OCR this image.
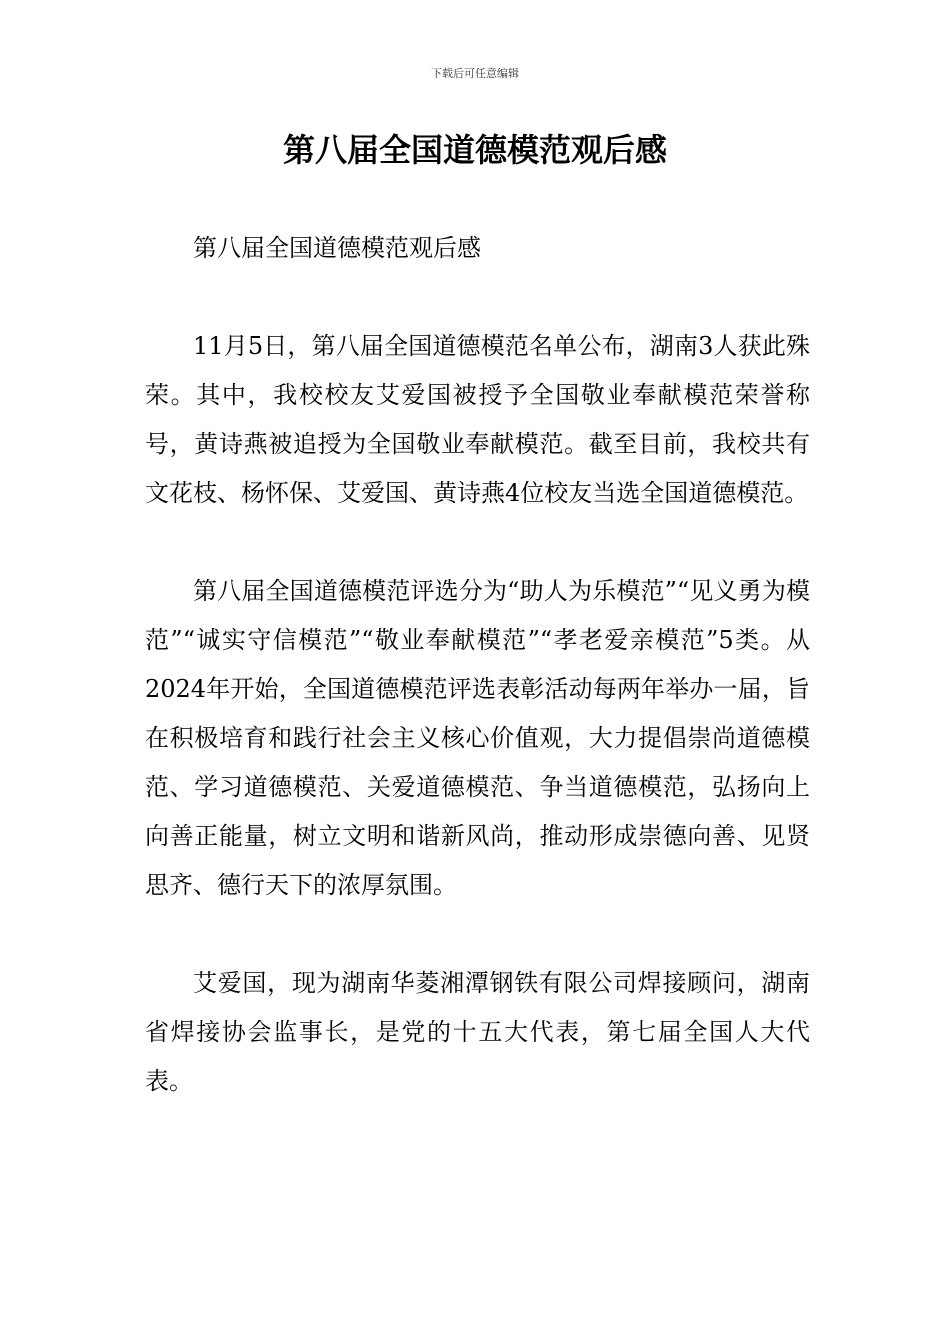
下载后可任意编辑
第八届全国道德模范观后感

第八届全国道德模范观后感

11月5日，第八届全国道德模范名单公布，湖南3人获此殊荣。其中，我校校友艾爱国被授予全国敬业奉献模范荣誉称号，黄诗燕被追授为全国敬业奉献模范。截至目前，我校共有文花枝、杨怀保、艾爱国、黄诗燕4位校友当选全国道德模范。

第八届全国道德模范评选分为“助人为乐模范”“见义勇为模范”“诚实守信模范”“敬业奉献模范”“孝老爱亲模范”5类。从2024年开始，全国道德模范评选表彰活动每两年举办一届，旨在积极培育和践行社会主义核心价值观，大力提倡崇尚道德模范、学习道德模范、关爱道德模范、争当道德模范，弘扬向上向善正能量，树立文明和谐新风尚，推动形成崇德向善、见贤思齐、德行天下的浓厚氛围。

艾爱国，现为湖南华菱湘潭钢铁有限公司焊接顾问，湖南省焊接协会监事长，是党的十五大代表，第七届全国人大代表。
